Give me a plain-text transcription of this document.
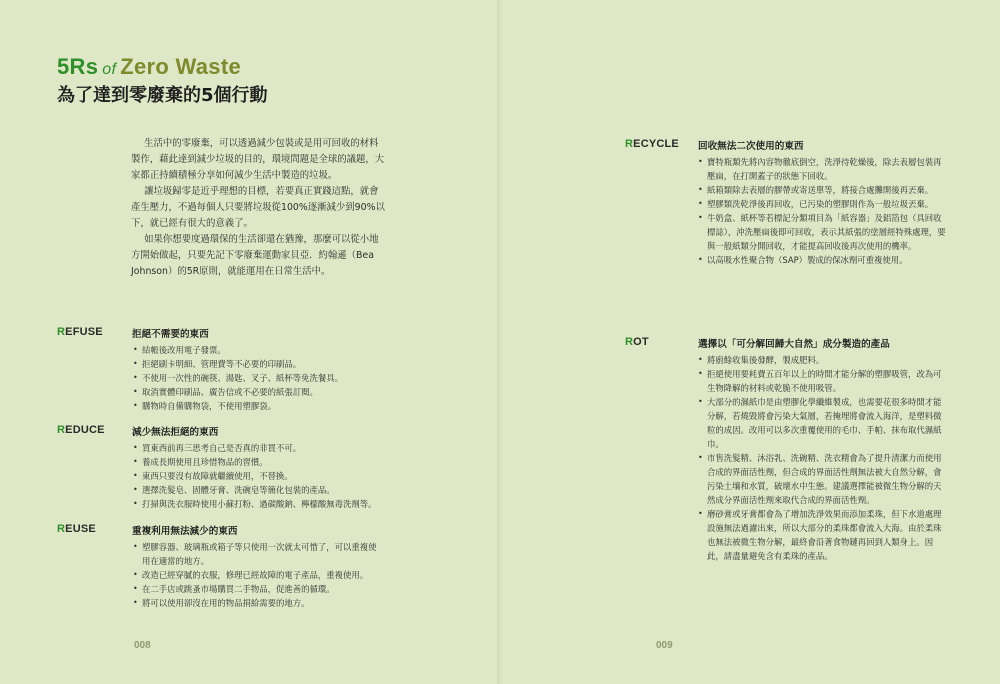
5Rs of Zero Waste
為了達到零廢棄的5個行動

生活中的零廢棄，可以透過減少包裝或是用可回收的材料製作，藉此達到減少垃圾的目的，環境問題是全球的議題，大家都正持續積極分享如何減少生活中製造的垃圾。

讓垃圾歸零是近乎理想的目標，若要真正實踐這點，就會產生壓力，不過每個人只要將垃圾從100%逐漸減少到90%以下，就已經有很大的意義了。

如果你想要度過環保的生活卻還在猶豫，那麼可以從小地方開始做起，只要先記下零廢棄運動家貝亞．約翰遜（Bea Johnson）的5R原則，就能運用在日常生活中。

REFUSE	拒絕不需要的東西
• 結帳後改用電子發票。
• 拒絕刷卡明細、管理費等不必要的印刷品。
• 不使用一次性的碗筷、湯匙、叉子、紙杯等免洗餐具。
• 取消實體印刷品、廣告信或不必要的紙張訂閱。
• 購物時自備購物袋，不使用塑膠袋。
REDUCE	減少無法拒絕的東西
• 買東西前再三思考自己是否真的非買不可。
• 養成長期使用且珍惜物品的習慣。
• 東西只要沒有故障就繼續使用，不替換。
• 選擇洗髮皂、固體牙膏、洗碗皂等簡化包裝的產品。
• 打掃與洗衣服時使用小蘇打粉、過碳酸鈉、檸檬酸無毒洗劑等。
REUSE	重複利用無法減少的東西
• 塑膠容器、玻璃瓶或箱子等只使用一次就太可惜了，可以重複使用在適當的地方。
• 改造已經穿膩的衣服，修理已經故障的電子產品，重複使用。
• 在二手店或跳蚤市場購買二手物品，促進善的循環。
• 將可以使用卻沒在用的物品捐給需要的地方。
RECYCLE 回收無法二次使用的東西
• 寶特瓶類先將內容物徹底倒空，洗淨待乾燥後，除去表層包裝再壓扁，在打開蓋子的狀態下回收。
• 紙箱類除去表層的膠帶或寄送單等，將接合處攤開後再丟棄。
• 塑膠類洗乾淨後再回收，已污染的塑膠則作為一般垃圾丟棄。
• 牛奶盒、紙杯等若標記分類項目為「紙容器」及鋁箔包（具回收標誌），沖洗壓扁後即可回收，表示其紙張的塗層經特殊處理，要與一般紙類分開回收，才能提高回收後再次使用的機率。
• 以高吸水性聚合物（SAP）製成的保冰劑可重複使用。
ROT	選擇以「可分解回歸大自然」成分製造的產品
• 將廚餘收集後發酵，製成肥料。
• 拒絕使用要耗費五百年以上的時間才能分解的塑膠吸管，改為可生物降解的材料或乾脆不使用吸管。
• 大部分的濕紙巾是由塑膠化學纖維製成，也需要花很多時間才能分解，若燒毀將會污染大氣層，若掩埋將會流入海洋，是塑料微粒的成因。改用可以多次重覆使用的毛巾、手帕、抹布取代濕紙巾。
• 市售洗髮精、沐浴乳、洗碗精、洗衣精會為了提升清潔力而使用合成的界面活性劑，但合成的界面活性劑無法被大自然分解，會污染土壤和水質，破壞水中生態。建議選擇能被微生物分解的天然成分界面活性劑來取代合成的界面活性劑。
• 磨砂膏或牙膏都會為了增加洗淨效果而添加柔珠，但下水道處理設施無法過濾出來，所以大部分的柔珠都會流入大海。由於柔珠也無法被微生物分解，最終會沿著食物鏈再回到人類身上。因此，請盡量避免含有柔珠的產品。
008	009
